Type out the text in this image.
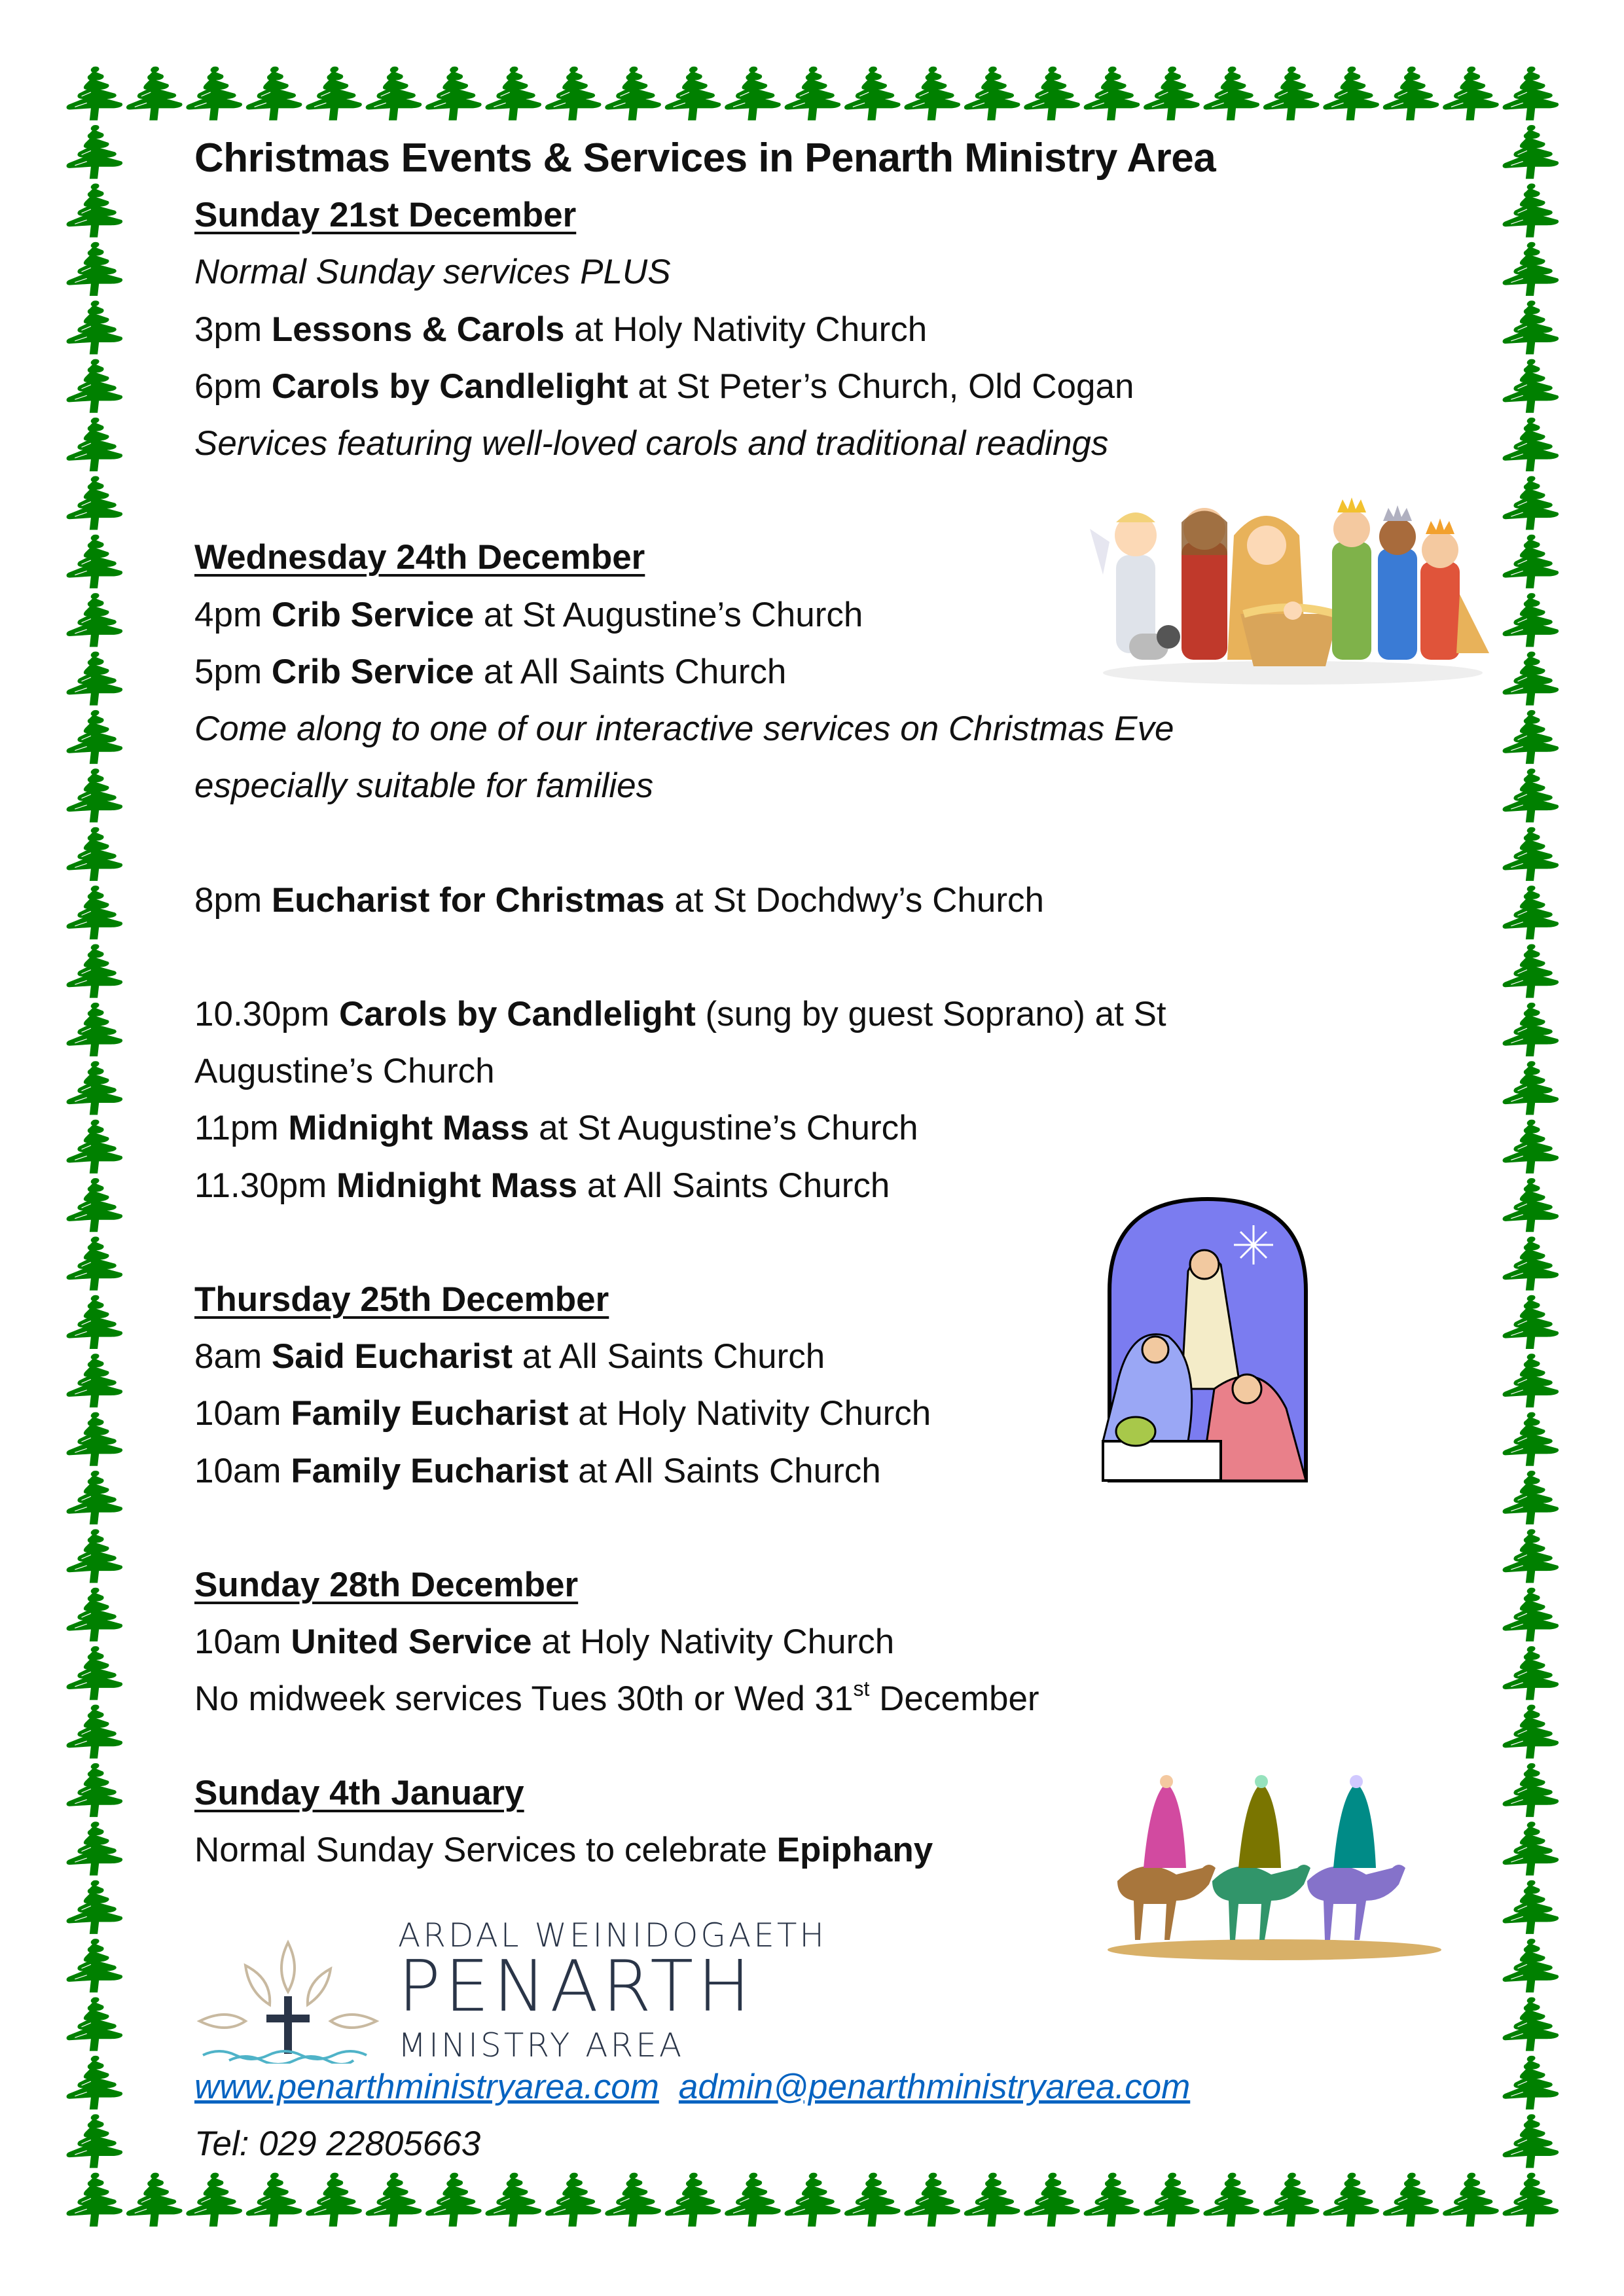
Christmas Events & Services in Penarth Ministry Area
Sunday 21st December
Normal Sunday services PLUS
3pm Lessons & Carols at Holy Nativity Church
6pm Carols by Candlelight at St Peter’s Church, Old Cogan
Services featuring well-loved carols and traditional readings
Wednesday 24th December
4pm Crib Service at St Augustine’s Church
5pm Crib Service at All Saints Church
Come along to one of our interactive services on Christmas Eve
especially suitable for families
8pm Eucharist for Christmas at St Dochdwy’s Church
10.30pm Carols by Candlelight (sung by guest Soprano) at St
Augustine’s Church
11pm Midnight Mass at St Augustine’s Church
11.30pm Midnight Mass at All Saints Church
Thursday 25th December
8am Said Eucharist at All Saints Church
10am Family Eucharist at Holy Nativity Church
10am Family Eucharist at All Saints Church
Sunday 28th December
10am United Service at Holy Nativity Church
No midweek services Tues 30th or Wed 31st December
Sunday 4th January
Normal Sunday Services to celebrate Epiphany
ARDAL WEINIDOGAETH
PENARTH
MINISTRY AREA
www.penarthministryarea.com admin@penarthministryarea.com
Tel: 029 22805663
